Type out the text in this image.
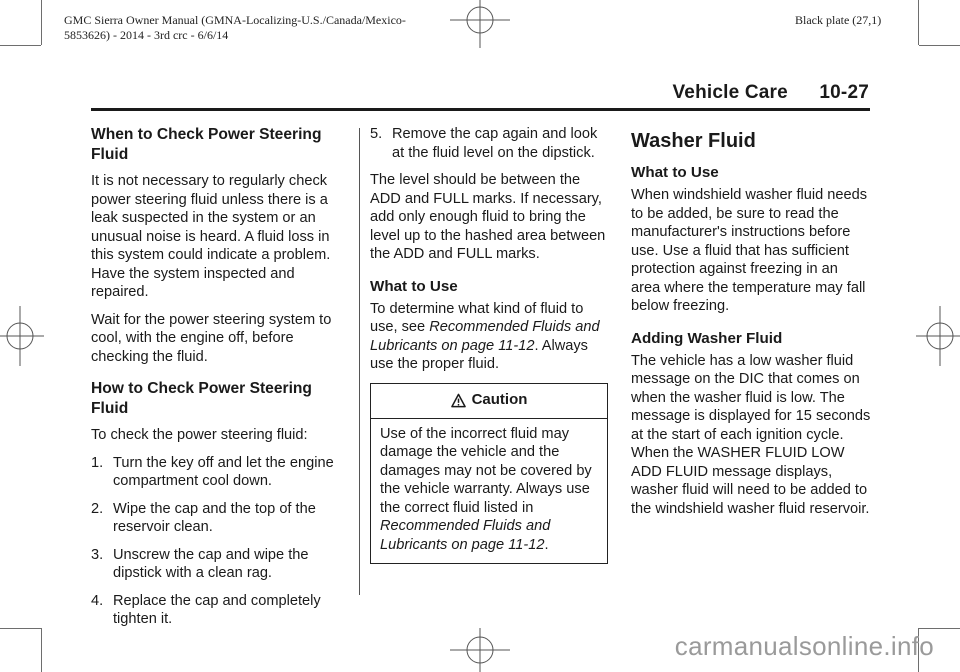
GMC Sierra Owner Manual (GMNA-Localizing-U.S./Canada/Mexico-
5853626) - 2014 - 3rd crc - 6/6/14
Black plate (27,1)
Vehicle Care 10-27
When to Check Power Steering Fluid

It is not necessary to regularly check power steering fluid unless there is a leak suspected in the system or an unusual noise is heard. A fluid loss in this system could indicate a problem. Have the system inspected and repaired.

Wait for the power steering system to cool, with the engine off, before checking the fluid.

How to Check Power Steering Fluid

To check the power steering fluid:

1. Turn the key off and let the engine compartment cool down.
2. Wipe the cap and the top of the reservoir clean.
3. Unscrew the cap and wipe the dipstick with a clean rag.
4. Replace the cap and completely tighten it.
5. Remove the cap again and look at the fluid level on the dipstick.

The level should be between the ADD and FULL marks. If necessary, add only enough fluid to bring the level up to the hashed area between the ADD and FULL marks.

What to Use

To determine what kind of fluid to use, see Recommended Fluids and Lubricants on page 11-12. Always use the proper fluid.

Caution
Use of the incorrect fluid may damage the vehicle and the damages may not be covered by the vehicle warranty. Always use the correct fluid listed in Recommended Fluids and Lubricants on page 11-12.
Washer Fluid
What to Use

When windshield washer fluid needs to be added, be sure to read the manufacturer's instructions before use. Use a fluid that has sufficient protection against freezing in an area where the temperature may fall below freezing.

Adding Washer Fluid

The vehicle has a low washer fluid message on the DIC that comes on when the washer fluid is low. The message is displayed for 15 seconds at the start of each ignition cycle. When the WASHER FLUID LOW ADD FLUID message displays, washer fluid will need to be added to the windshield washer fluid reservoir.

carmanualsonline.info
